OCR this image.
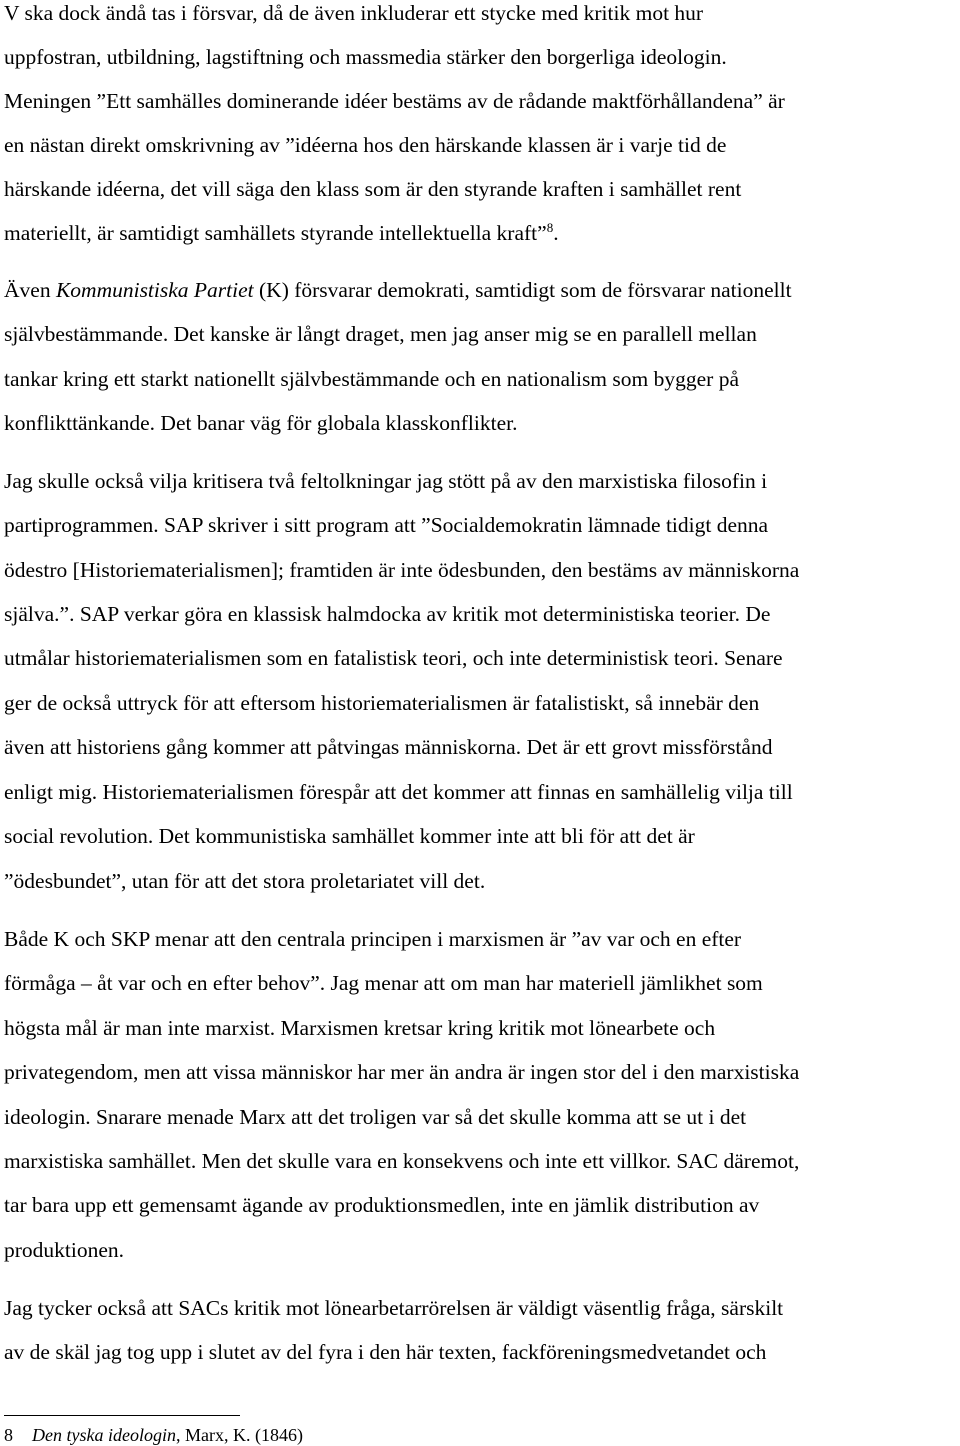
V ska dock ändå tas i försvar, då de även inkluderar ett stycke med kritik mot hur
uppfostran, utbildning, lagstiftning och massmedia stärker den borgerliga ideologin.
Meningen ”Ett samhälles dominerande idéer bestäms av de rådande maktförhållandena” är
en nästan direkt omskrivning av ”idéerna hos den härskande klassen är i varje tid de
härskande idéerna, det vill säga den klass som är den styrande kraften i samhället rent
materiellt, är samtidigt samhällets styrande intellektuella kraft”$^8$.
Även Kommunistiska Partiet (K) försvarar demokrati, samtidigt som de försvarar nationellt
självbestämmande. Det kanske är långt draget, men jag anser mig se en parallell mellan
tankar kring ett starkt nationellt självbestämmande och en nationalism som bygger på
konflikttänkande. Det banar väg för globala klasskonflikter.
Jag skulle också vilja kritisera två feltolkningar jag stött på av den marxistiska filosofin i
partiprogrammen. SAP skriver i sitt program att ”Socialdemokratin lämnade tidigt denna
ödestro [Historiematerialismen]; framtiden är inte ödesbunden, den bestäms av människorna
själva.”. SAP verkar göra en klassisk halmdocka av kritik mot deterministiska teorier. De
utmålar historiematerialismen som en fatalistisk teori, och inte deterministisk teori. Senare
ger de också uttryck för att eftersom historiematerialismen är fatalistiskt, så innebär den
även att historiens gång kommer att påtvingas människorna. Det är ett grovt missförstånd
enligt mig. Historiematerialismen förespår att det kommer att finnas en samhällelig vilja till
social revolution. Det kommunistiska samhället kommer inte att bli för att det är
”ödesbundet”, utan för att det stora proletariatet vill det.
Både K och SKP menar att den centrala principen i marxismen är ”av var och en efter
förmåga – åt var och en efter behov”. Jag menar att om man har materiell jämlikhet som
högsta mål är man inte marxist. Marxismen kretsar kring kritik mot lönearbete och
privategendom, men att vissa människor har mer än andra är ingen stor del i den marxistiska
ideologin. Snarare menade Marx att det troligen var så det skulle komma att se ut i det
marxistiska samhället. Men det skulle vara en konsekvens och inte ett villkor. SAC däremot,
tar bara upp ett gemensamt ägande av produktionsmedlen, inte en jämlik distribution av
produktionen.
Jag tycker också att SACs kritik mot lönearbetarrörelsen är väldigt väsentlig fråga, särskilt
av de skäl jag tog upp i slutet av del fyra i den här texten, fackföreningsmedvetandet och
8 Den tyska ideologin, Marx, K. (1846)
